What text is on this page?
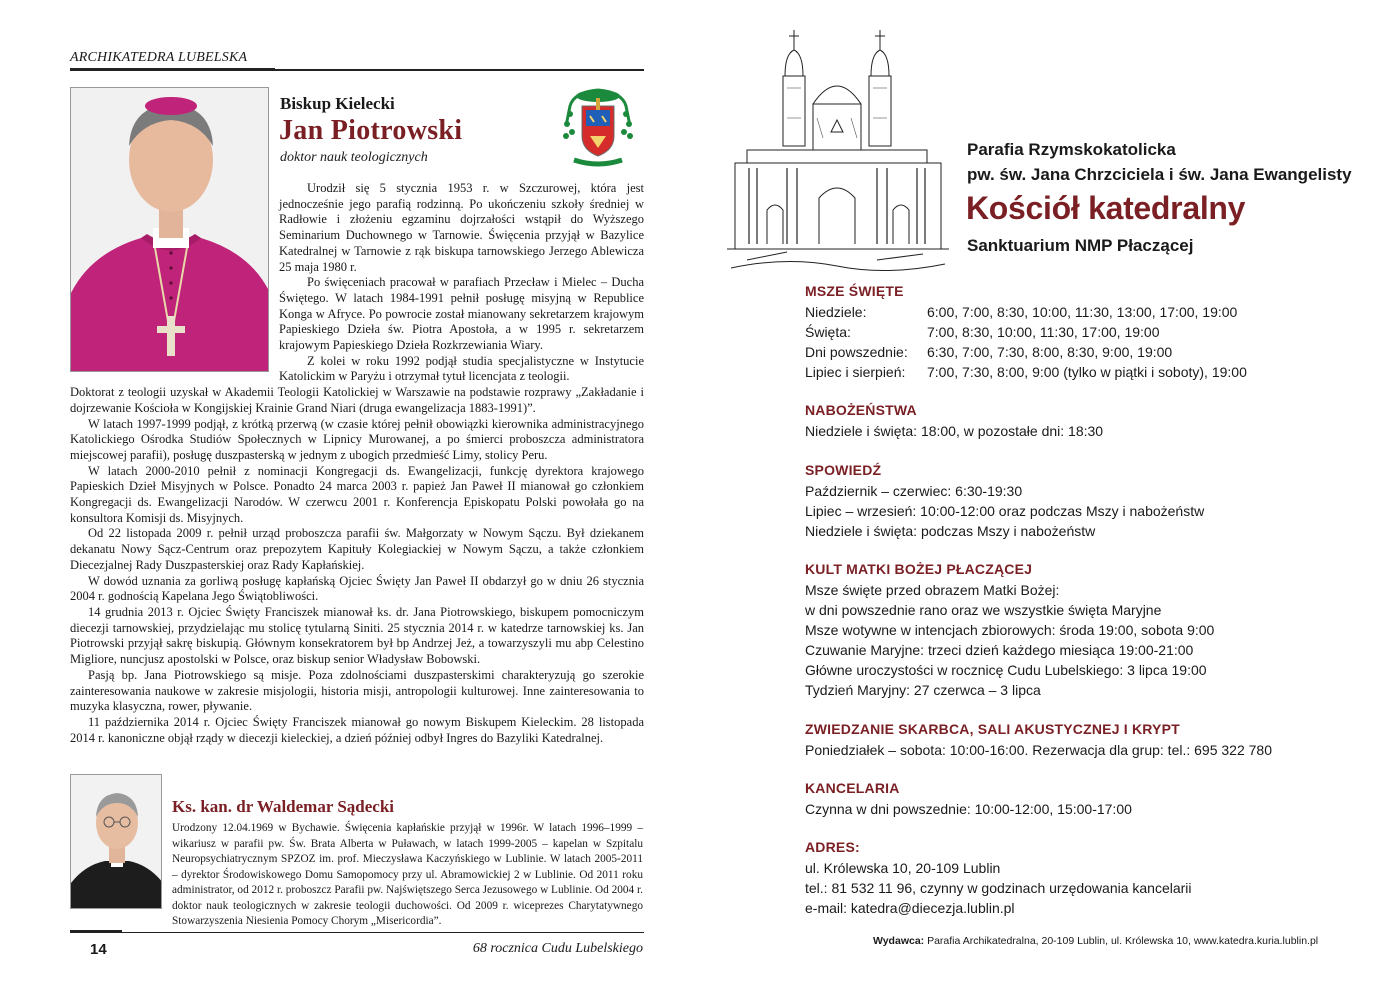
ARCHIKATEDRA LUBELSKA
Biskup Kielecki
Jan Piotrowski
doktor nauk teologicznych

Urodził się 5 stycznia 1953 r. w Szczurowej, która jest jednocześnie jego parafią rodzinną. Po ukończeniu szkoły średniej w Radłowie i złożeniu egzaminu dojrzałości wstąpił do Wyższego Seminarium Duchownego w Tarnowie. Święcenia przyjął w Bazylice Katedralnej w Tarnowie z rąk biskupa tarnowskiego Jerzego Ablewicza 25 maja 1980 r.

Po święceniach pracował w parafiach Przecław i Mielec – Ducha Świętego. W latach 1984-1991 pełnił posługę misyjną w Republice Konga w Afryce. Po powrocie został mianowany sekretarzem krajowym Papieskiego Dzieła św. Piotra Apostoła, a w 1995 r. sekretarzem krajowym Papieskiego Dzieła Rozkrzewiania Wiary.

Z kolei w roku 1992 podjął studia specjalistyczne w Instytucie Katolickim w Paryżu i otrzymał tytuł licencjata z teologii.

Doktorat z teologii uzyskał w Akademii Teologii Katolickiej w Warszawie na podstawie rozprawy „Zakładanie i dojrzewanie Kościoła w Kongijskiej Krainie Grand Niari (druga ewangelizacja 1883-1991)”.

W latach 1997-1999 podjął, z krótką przerwą (w czasie której pełnił obowiązki kierownika administracyjnego Katolickiego Ośrodka Studiów Społecznych w Lipnicy Murowanej, a po śmierci proboszcza administratora miejscowej parafii), posługę duszpasterską w jednym z ubogich przedmieść Limy, stolicy Peru.

W latach 2000-2010 pełnił z nominacji Kongregacji ds. Ewangelizacji, funkcję dyrektora krajowego Papieskich Dzieł Misyjnych w Polsce. Ponadto 24 marca 2003 r. papież Jan Paweł II mianował go członkiem Kongregacji ds. Ewangelizacji Narodów. W czerwcu 2001 r. Konferencja Episkopatu Polski powołała go na konsultora Komisji ds. Misyjnych.

Od 22 listopada 2009 r. pełnił urząd proboszcza parafii św. Małgorzaty w Nowym Sączu. Był dziekanem dekanatu Nowy Sącz-Centrum oraz prepozytem Kapituły Kolegiackiej w Nowym Sączu, a także członkiem Diecezjalnej Rady Duszpasterskiej oraz Rady Kapłańskiej.

W dowód uznania za gorliwą posługę kapłańską Ojciec Święty Jan Paweł II obdarzył go w dniu 26 stycznia 2004 r. godnością Kapelana Jego Świątobliwości.

14 grudnia 2013 r. Ojciec Święty Franciszek mianował ks. dr. Jana Piotrowskiego, biskupem pomocniczym diecezji tarnowskiej, przydzielając mu stolicę tytularną Siniti. 25 stycznia 2014 r. w katedrze tarnowskiej ks. Jan Piotrowski przyjął sakrę biskupią. Głównym konsekratorem był bp Andrzej Jeż, a towarzyszyli mu abp Celestino Migliore, nuncjusz apostolski w Polsce, oraz biskup senior Władysław Bobowski.

Pasją bp. Jana Piotrowskiego są misje. Poza zdolnościami duszpasterskimi charakteryzują go szerokie zainteresowania naukowe w zakresie misjologii, historia misji, antropologii kulturowej. Inne zainteresowania to muzyka klasyczna, rower, pływanie.

11 października 2014 r. Ojciec Święty Franciszek mianował go nowym Biskupem Kieleckim. 28 listopada 2014 r. kanoniczne objął rządy w diecezji kieleckiej, a dzień później odbył Ingres do Bazyliki Katedralnej.

Ks. kan. dr Waldemar Sądecki
Urodzony 12.04.1969 w Bychawie. Święcenia kapłańskie przyjął w 1996r. W latach 1996–1999 – wikariusz w parafii pw. Św. Brata Alberta w Puławach, w latach 1999-2005 – kapelan w Szpitalu Neuropsychiatrycznym SPZOZ im. prof. Mieczysława Kaczyńskiego w Lublinie. W latach 2005-2011 – dyrektor Środowiskowego Domu Samopomocy przy ul. Abramowickiej 2 w Lublinie. Od 2011 roku administrator, od 2012 r. proboszcz Parafii pw. Najświętszego Serca Jezusowego w Lublinie. Od 2004 r. doktor nauk teologicznych w zakresie teologii duchowości. Od 2009 r. wiceprezes Charytatywnego Stowarzyszenia Niesienia Pomocy Chorym „Misericordia”.
14	68 rocznica Cudu Lubelskiego
Parafia Rzymskokatolicka
pw. św. Jana Chrzciciela i św. Jana Ewangelisty
Kościół katedralny
Sanktuarium NMP Płaczącej
MSZE ŚWIĘTE
Niedziele:	6:00, 7:00, 8:30, 10:00, 11:30, 13:00, 17:00, 19:00
Święta:	7:00, 8:30, 10:00, 11:30, 17:00, 19:00
Dni powszednie:	6:30, 7:00, 7:30, 8:00, 8:30, 9:00, 19:00
Lipiec i sierpień:	7:00, 7:30, 8:00, 9:00 (tylko w piątki i soboty), 19:00
NABOŻEŃSTWA
Niedziele i święta: 18:00, w pozostałe dni: 18:30
SPOWIEDŹ
Październik – czerwiec: 6:30-19:30
Lipiec – wrzesień: 10:00-12:00 oraz podczas Mszy i nabożeństw
Niedziele i święta: podczas Mszy i nabożeństw
KULT MATKI BOŻEJ PŁACZĄCEJ
Msze święte przed obrazem Matki Bożej:
w dni powszednie rano oraz we wszystkie święta Maryjne
Msze wotywne w intencjach zbiorowych: środa 19:00, sobota 9:00
Czuwanie Maryjne: trzeci dzień każdego miesiąca 19:00-21:00
Główne uroczystości w rocznicę Cudu Lubelskiego: 3 lipca 19:00
Tydzień Maryjny: 27 czerwca – 3 lipca
ZWIEDZANIE SKARBCA, SALI AKUSTYCZNEJ I KRYPT
Poniedziałek – sobota: 10:00-16:00. Rezerwacja dla grup: tel.: 695 322 780
KANCELARIA
Czynna w dni powszednie: 10:00-12:00, 15:00-17:00
ADRES:
ul. Królewska 10, 20-109 Lublin
tel.: 81 532 11 96, czynny w godzinach urzędowania kancelarii
e-mail: katedra@diecezja.lublin.pl
Wydawca: Parafia Archikatedralna, 20-109 Lublin, ul. Królewska 10, www.katedra.kuria.lublin.pl
